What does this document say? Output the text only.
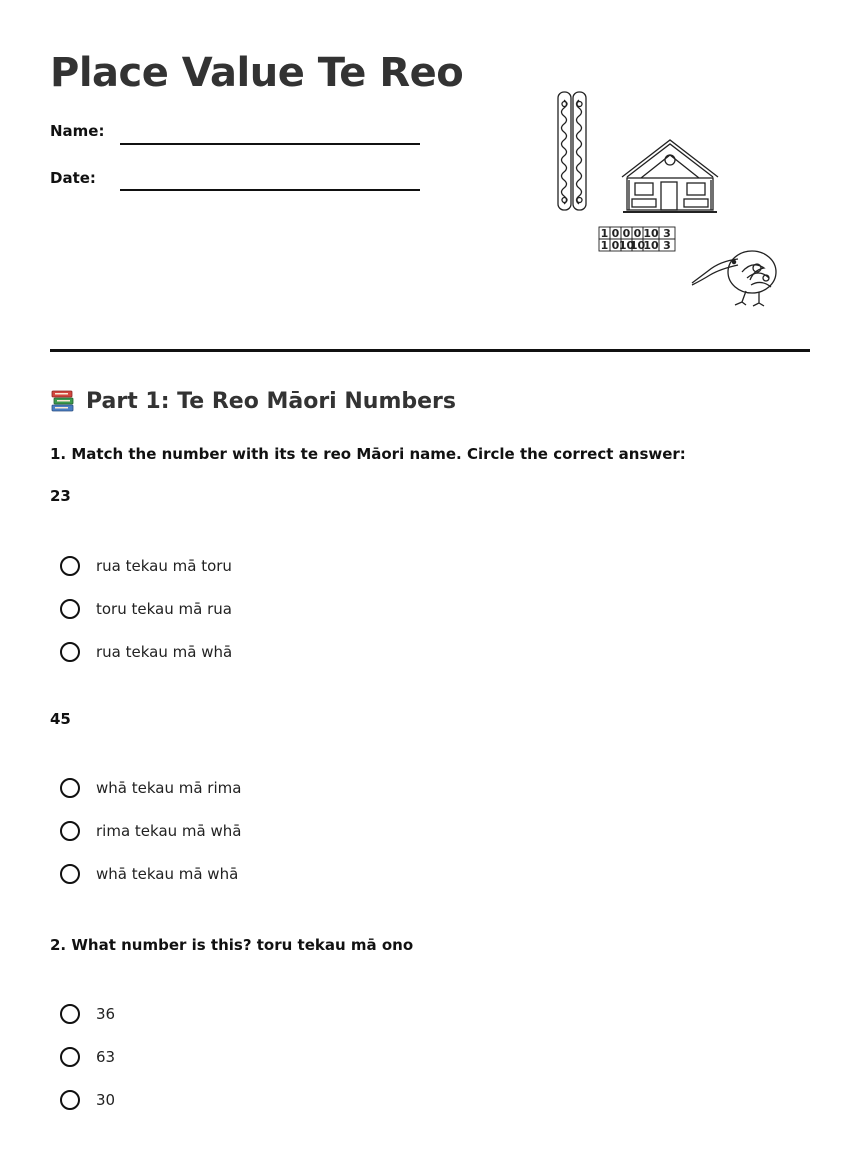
Place Value Te Reo
Name:
Date:
1 0 0 0 10 3
1 0 10
10
10 3
Part 1: Te Reo Māori Numbers

1. Match the number with its te reo Māori name. Circle the correct answer:

23

rua tekau mā toru
toru tekau mā rua
rua tekau mā whā

45

whā tekau mā rima
rima tekau mā whā
whā tekau mā whā

2. What number is this? toru tekau mā ono

36
63
30
